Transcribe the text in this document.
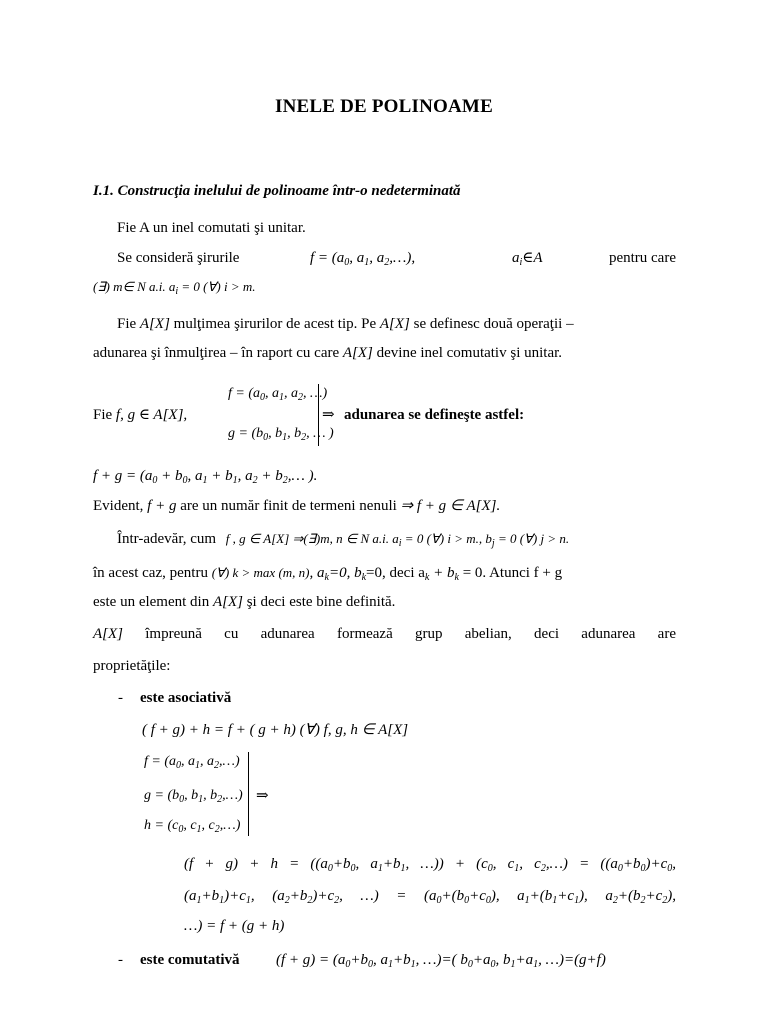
INELE DE POLINOAME
I.1. Construcţia inelului de polinoame într-o nedeterminată
Fie A un inel comutati şi unitar.
Se consideră şirurile	$f = (a_0$, $a_1$, $a_2,\dots$),	$a_i\in A$	pentru care
(∃) m∈ N a.i. $a_i = 0$ (∀) i > m.
Fie A[X] mulţimea şirurilor de acest tip. Pe A[X] se definesc două operaţii –
adunarea şi înmulţirea – în raport cu care A[X] devine inel comutativ şi unitar.
Fie f, g ∈ A[X],
$f = (a_0$, $a_1$, $a_2$, …)
$g = (b_0$, $b_1$, $b_2$, … )
⇒ adunarea se defineşte astfel:
$f + g = (a_0 + b_0$, $a_1 + b_1$, $a_2$ + $b_2,\dots$ ).
Evident, f + g are un număr finit de termeni nenuli ⇒ f + g ∈ A[X].
Într-adevăr, cum f , g ∈ A[X] ⇒(∃)m, n ∈ N a.i. $a_i = 0$ (∀) i > m., $b_j = 0$ (∀) j > n.
în acest caz, pentru (∀) k > max (m, n), $a_k=0$, $b_k=0$, deci $a_k + b_k = 0$. Atunci f + g
este un element din A[X] şi deci este bine definită.
A[X] împreună cu adunarea formează grup abelian, deci adunarea are
proprietăţile:
- este asociativă
( f + g) + h = f + ( g + h) (∀) f, g, h ∈ A[X]
$f = (a_0$, $a_1$, $a_2,\dots$)
$g = (b_0$, $b_1$, $b_2,\dots$)
$h = (c_0$, $c_1$, $c_2,\dots$)
⇒
$(f + g) + h = ((a_0+b_0$, $a_1+b_1$, …)) + ($c_0$, $c_1$, $c_2,\dots) = ((a_0+b_0)+c_0$,
$(a_1+b_1)+c_1$, $(a_2+b_2)+c_2$, …) = ($a_0+(b_0+c_0)$, $a_1+(b_1+c_1)$, $a_2+(b_2+c_2)$,
…) = f + (g + h)
- este comutativă $(f + g) = (a_0+b_0$, $a_1+b_1$, …)=( $b_0+a_0$, $b_1+a_1$, …)=(g+f)
